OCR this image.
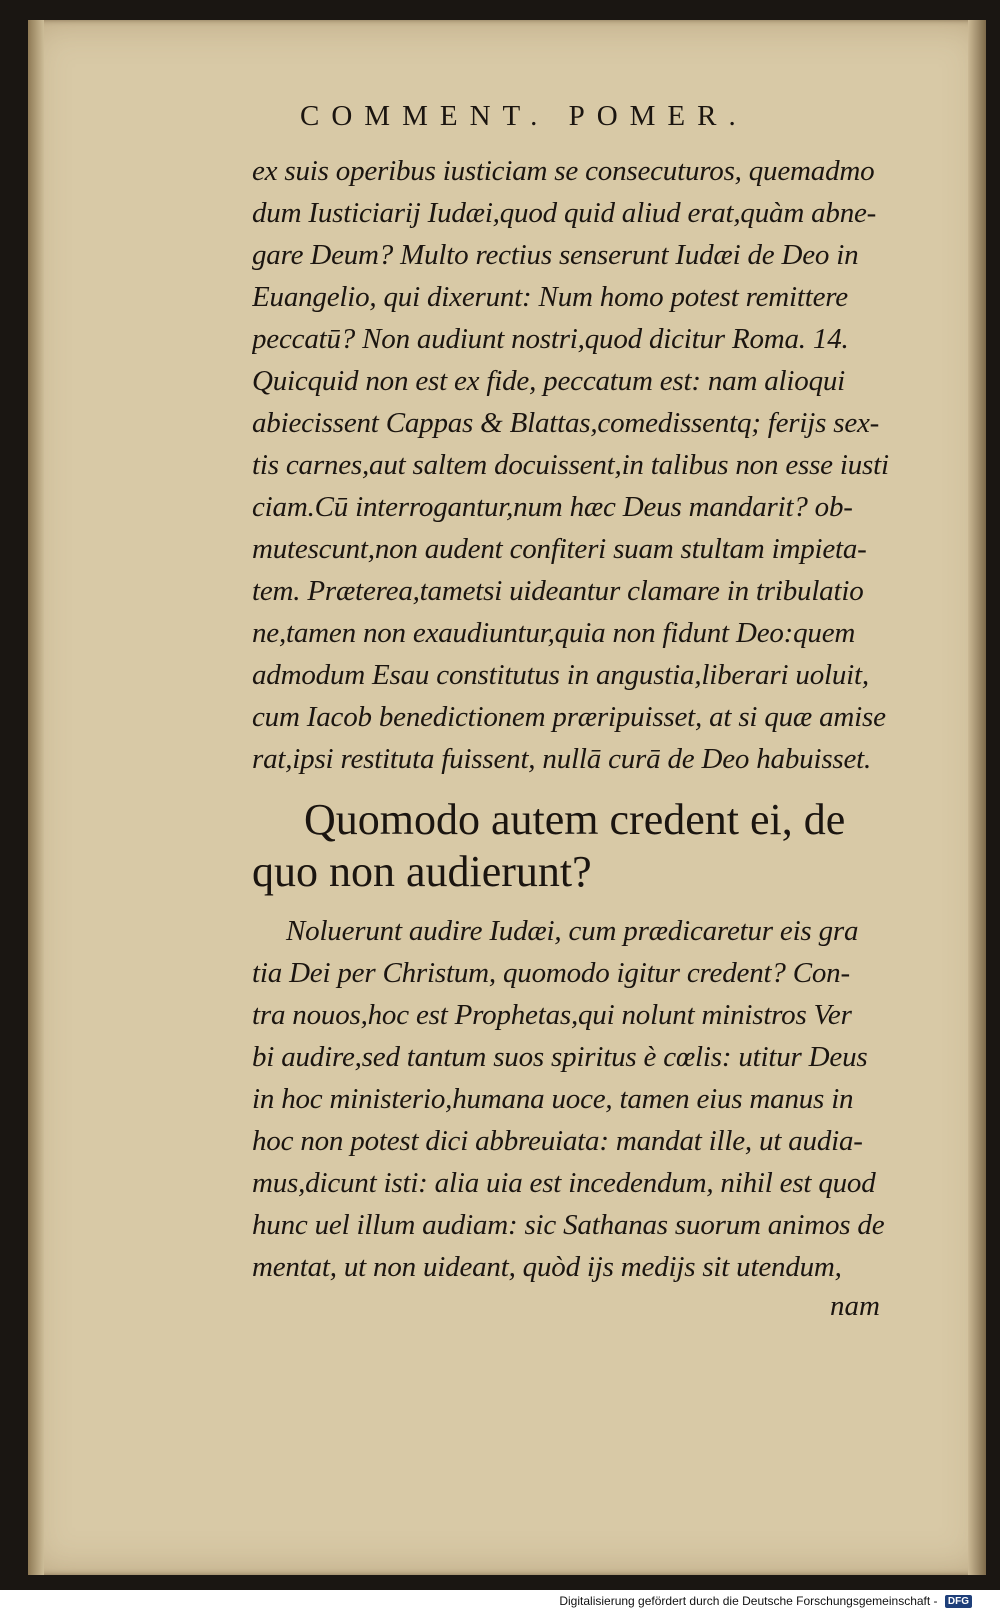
COMMENT. POMER.
ex suis operibus iusticiam se consecuturos, quemadmo
dum Iusticiarij Iudæi,quod quid aliud erat,quàm abne-
gare Deum? Multo rectius senserunt Iudæi de Deo in
Euangelio, qui dixerunt: Num homo potest remittere
peccatū? Non audiunt nostri,quod dicitur Roma. 14.
Quicquid non est ex fide, peccatum est: nam alioqui
abiecissent Cappas & Blattas,comedissentq; ferijs sex-
tis carnes,aut saltem docuissent,in talibus non esse iusti
ciam.Cū interrogantur,num hæc Deus mandarit? ob-
mutescunt,non audent confiteri suam stultam impieta-
tem. Præterea,tametsi uideantur clamare in tribulatio
ne,tamen non exaudiuntur,quia non fidunt Deo:quem
admodum Esau constitutus in angustia,liberari uoluit,
cum Iacob benedictionem præripuisset, at si quæ amise
rat,ipsi restituta fuissent, nullā curā de Deo habuisset.
Quomodo autem credent ei, de
quo non audierunt?
Noluerunt audire Iudæi, cum prædicaretur eis gra
tia Dei per Christum, quomodo igitur credent? Con-
tra nouos,hoc est Prophetas,qui nolunt ministros Ver
bi audire,sed tantum suos spiritus è cœlis: utitur Deus
in hoc ministerio,humana uoce, tamen eius manus in
hoc non potest dici abbreuiata: mandat ille, ut audia-
mus,dicunt isti: alia uia est incedendum, nihil est quod
hunc uel illum audiam: sic Sathanas suorum animos de
mentat, ut non uideant, quòd ijs medijs sit utendum,
nam
Digitalisierung gefördert durch die Deutsche Forschungsgemeinschaft - DFG
